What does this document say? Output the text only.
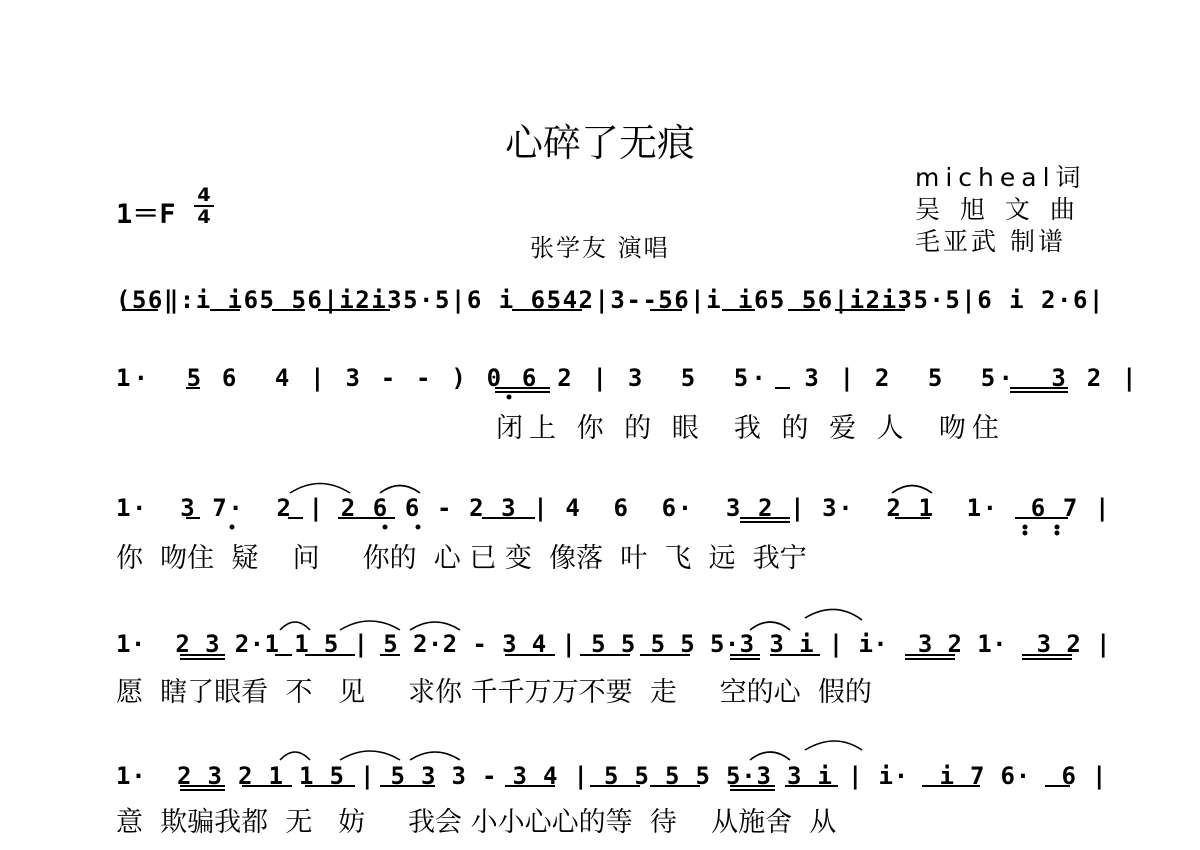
心碎了无痕
micheal词
吴 旭 文 曲
毛亚武 制谱
张学友 演唱
1＝F
4
4
(56‖:i i65 56|i2i35·5|6 i 6542|3--56|i i65 56|i2i35·5|6 i 2·6|
1·  5 6  4 | 3 - - ) 0 6 2 | 3  5  5·  3 | 2  5  5·  3 2 |
闭上 你 的 眼  我 的 爱 人  吻住
1·  3 7·  2 | 2 6 6 - 2 3 | 4  6  6·  3 2 | 3·  2 1  1·  6 7 |
你  吻住  疑    问     你的  心 已 变  像落  叶  飞  远  我宁
1·  2 3 2·1 1 5 | 5 2·2 - 3 4 | 5 5 5 5 5·3 3 i | i·  3 2 1·  3 2 |
愿  瞎了眼看  不   见     求你 千千万万不要  走     空的心  假的
1·  2 3 2 1 1 5 | 5 3 3 - 3 4 | 5 5 5 5 5·3 3 i | i·  i 7 6·  6 |
意  欺骗我都  无   妨     我会 小小心心的等  待    从施舍  从
